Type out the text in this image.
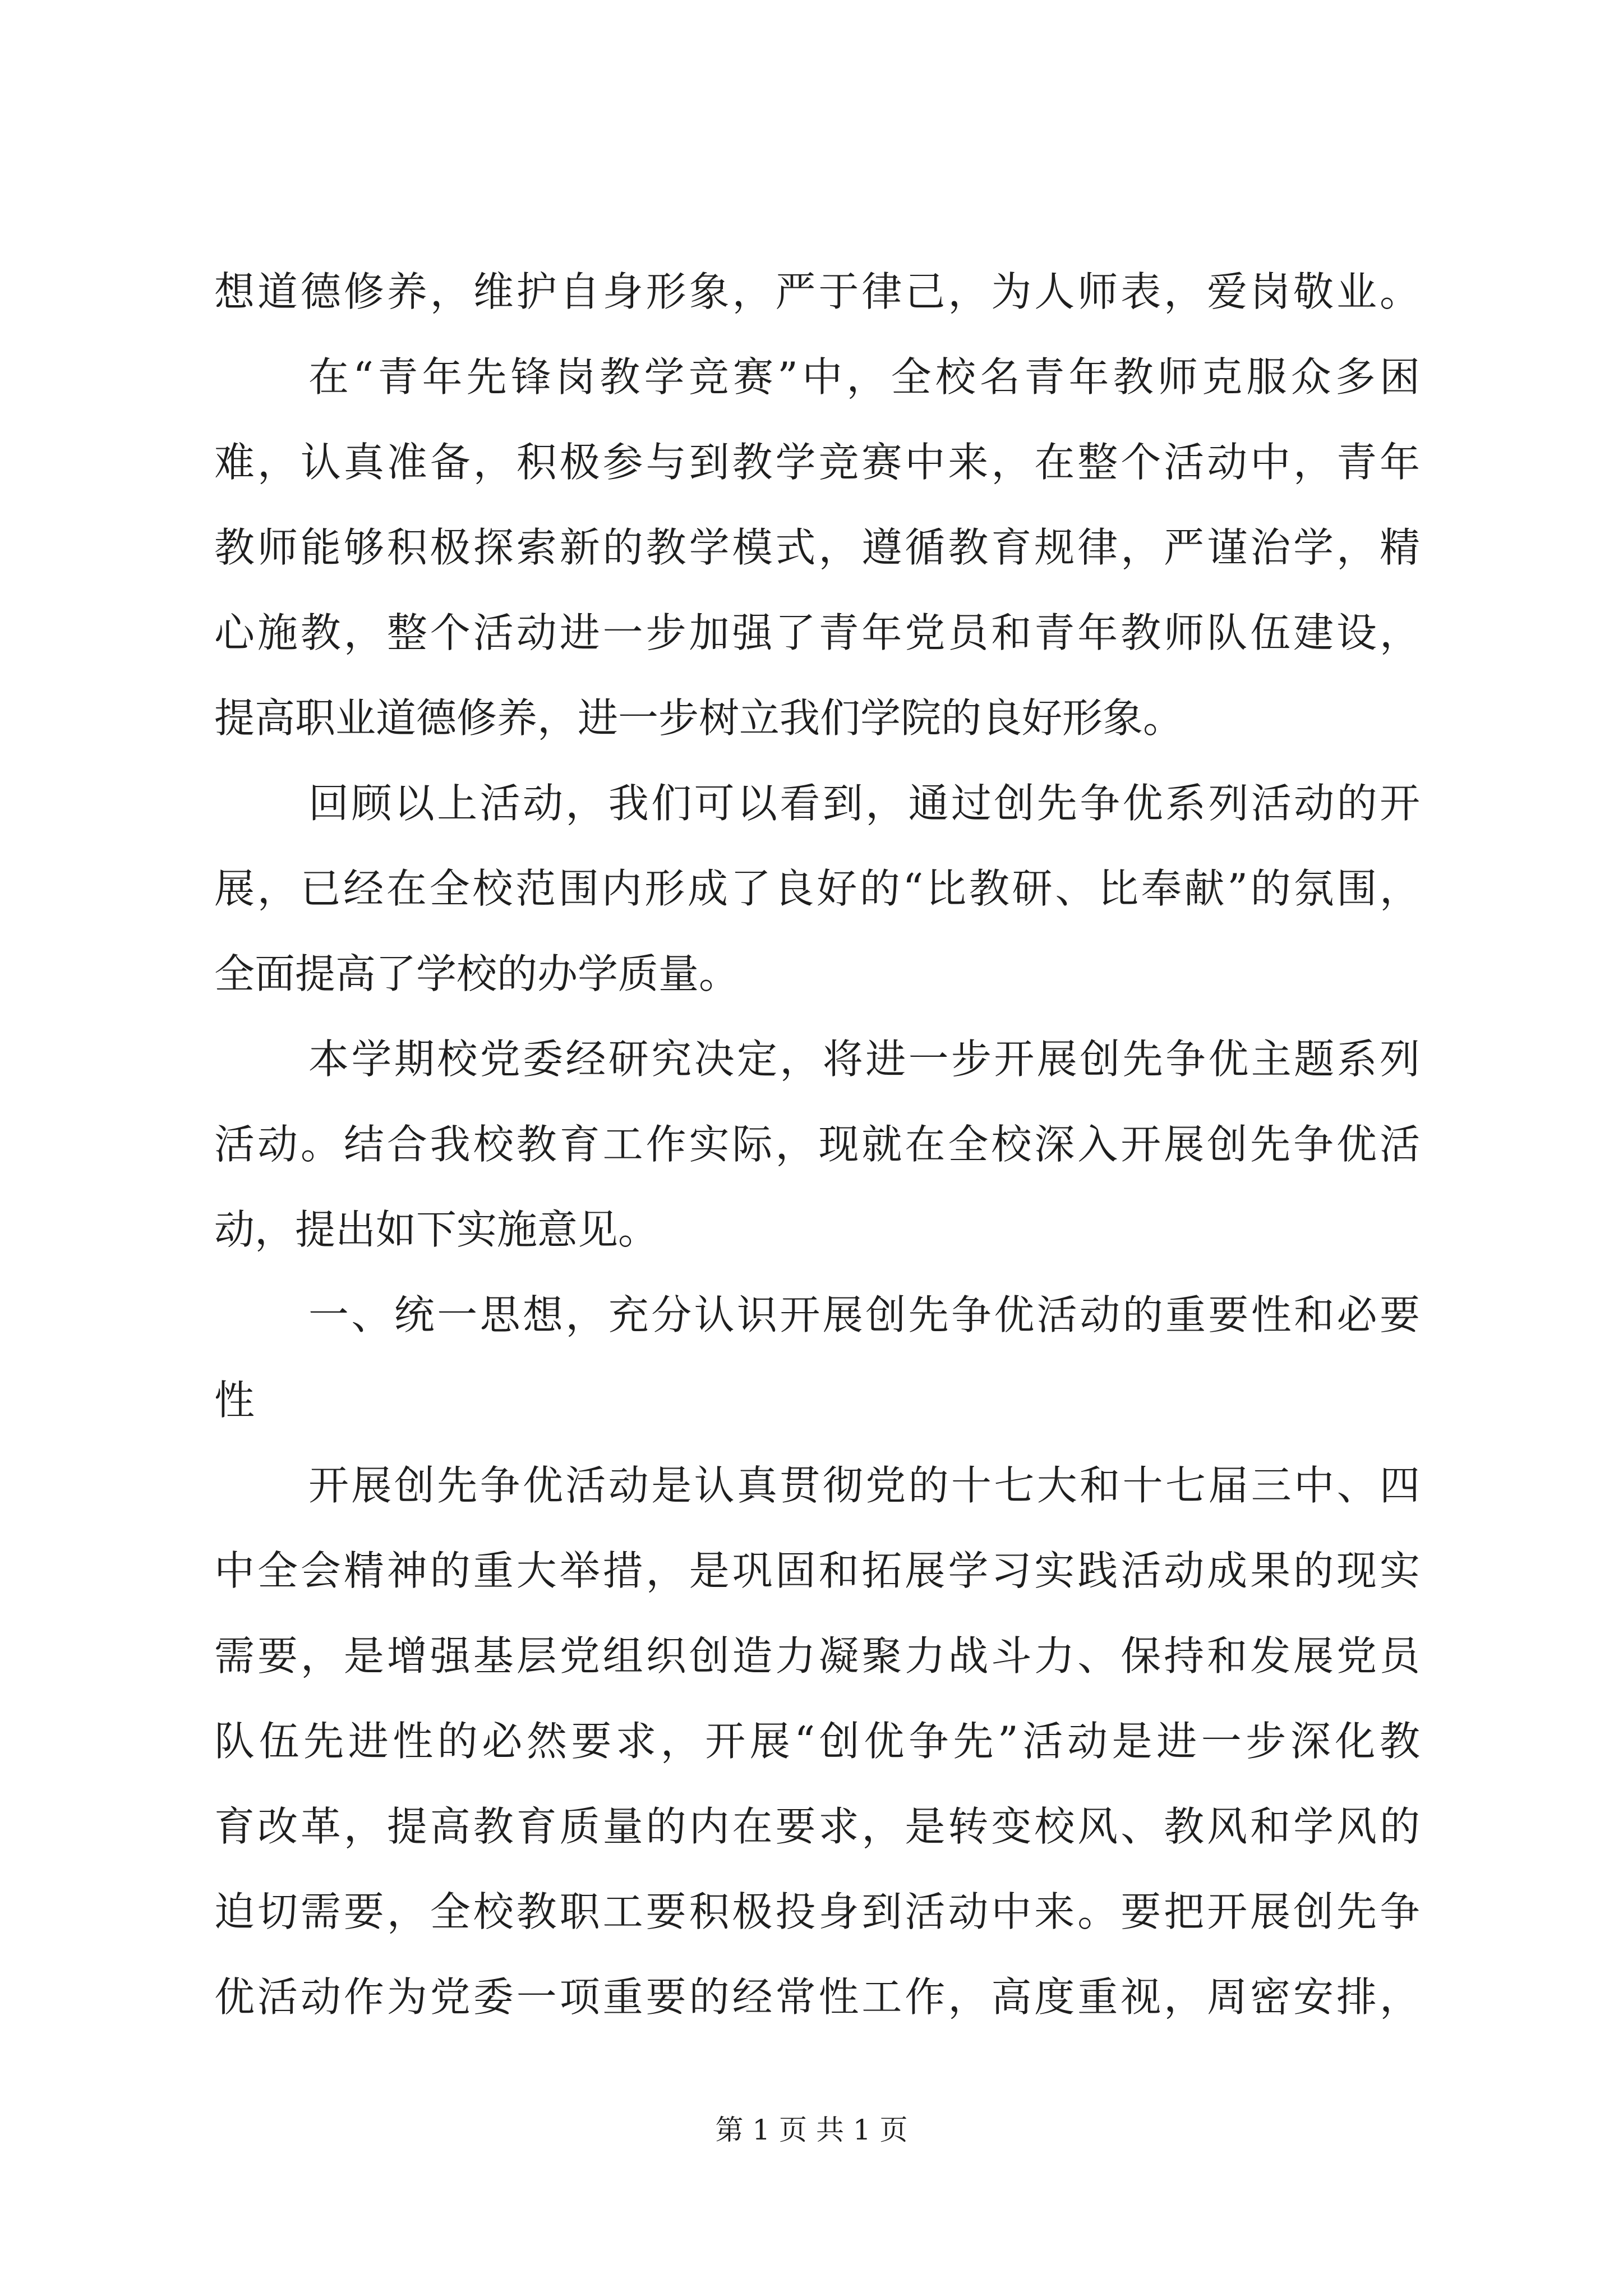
想道德修养，维护自身形象，严于律己，为人师表，爱岗敬业。
在“青年先锋岗教学竞赛”中，全校名青年教师克服众多困
难，认真准备，积极参与到教学竞赛中来，在整个活动中，青年
教师能够积极探索新的教学模式，遵循教育规律，严谨治学，精
心施教，整个活动进一步加强了青年党员和青年教师队伍建设，
提高职业道德修养，进一步树立我们学院的良好形象。
回顾以上活动，我们可以看到，通过创先争优系列活动的开
展，已经在全校范围内形成了良好的“比教研、比奉献”的氛围，
全面提高了学校的办学质量。
本学期校党委经研究决定，将进一步开展创先争优主题系列
活动。结合我校教育工作实际，现就在全校深入开展创先争优活
动，提出如下实施意见。
一、统一思想，充分认识开展创先争优活动的重要性和必要
性
开展创先争优活动是认真贯彻党的十七大和十七届三中、四
中全会精神的重大举措，是巩固和拓展学习实践活动成果的现实
需要，是增强基层党组织创造力凝聚力战斗力、保持和发展党员
队伍先进性的必然要求，开展“创优争先”活动是进一步深化教
育改革，提高教育质量的内在要求，是转变校风、教风和学风的
迫切需要，全校教职工要积极投身到活动中来。要把开展创先争
优活动作为党委一项重要的经常性工作，高度重视，周密安排，
第 1 页 共 1 页
